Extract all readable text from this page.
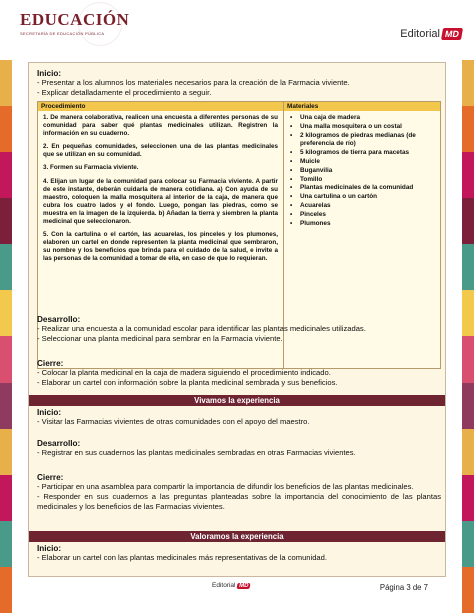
EDUCACIÓN
SECRETARÍA DE EDUCACIÓN PÚBLICA	Editorial MD
Inicio:
- Presentar a los alumnos los materiales necesarios para la creación de la Farmacia viviente.
- Explicar detalladamente el procedimiento a seguir.
Procedimiento	Materiales
1. De manera colaborativa, realicen una encuesta a diferentes personas de su comunidad para saber qué plantas medicinales utilizan. Registren la información en su cuaderno.
2. En pequeñas comunidades, seleccionen una de las plantas medicinales que se utilizan en su comunidad.
3. Formen su Farmacia viviente.
4. Elijan un lugar de la comunidad para colocar su Farmacia viviente. A partir de este instante, deberán cuidarla de manera cotidiana. a) Con ayuda de su maestro, coloquen la malla mosquitera al interior de la caja, de manera que cubra los cuatro lados y el fondo. Luego, pongan las piedras, como se muestra en la imagen de la izquierda. b) Añadan la tierra y siembren la planta medicinal que seleccionaron.
5. Con la cartulina o el cartón, las acuarelas, los pinceles y los plumones, elaboren un cartel en donde representen la planta medicinal que sembraron, su nombre y los beneficios que brinda para el cuidado de la salud, e invite a las personas de la comunidad a tomar de ella, en caso de que lo requieran.
• Una caja de madera
• Una malla mosquitera o un costal
• 2 kilogramos de piedras medianas (de preferencia de río)
• 5 kilogramos de tierra para macetas
• Muicle
• Buganvilia
• Tomillo
• Plantas medicinales de la comunidad
• Una cartulina o un cartón
• Acuarelas
• Pinceles
• Plumones
Desarrollo:
- Realizar una encuesta a la comunidad escolar para identificar las plantas medicinales utilizadas.
- Seleccionar una planta medicinal para sembrar en la Farmacia viviente.
Cierre:
- Colocar la planta medicinal en la caja de madera siguiendo el procedimiento indicado.
- Elaborar un cartel con información sobre la planta medicinal sembrada y sus beneficios.
Vivamos la experiencia
Inicio:
- Visitar las Farmacias vivientes de otras comunidades con el apoyo del maestro.
Desarrollo:
- Registrar en sus cuadernos las plantas medicinales sembradas en otras Farmacias vivientes.
Cierre:
- Participar en una asamblea para compartir la importancia de difundir los beneficios de las plantas medicinales.
- Responder en sus cuadernos a las preguntas planteadas sobre la importancia del conocimiento de las plantas medicinales y los beneficios de las Farmacias vivientes.
Valoramos la experiencia
Inicio:
- Elaborar un cartel con las plantas medicinales más representativas de la comunidad.
Editorial MD	Página 3 de 7
